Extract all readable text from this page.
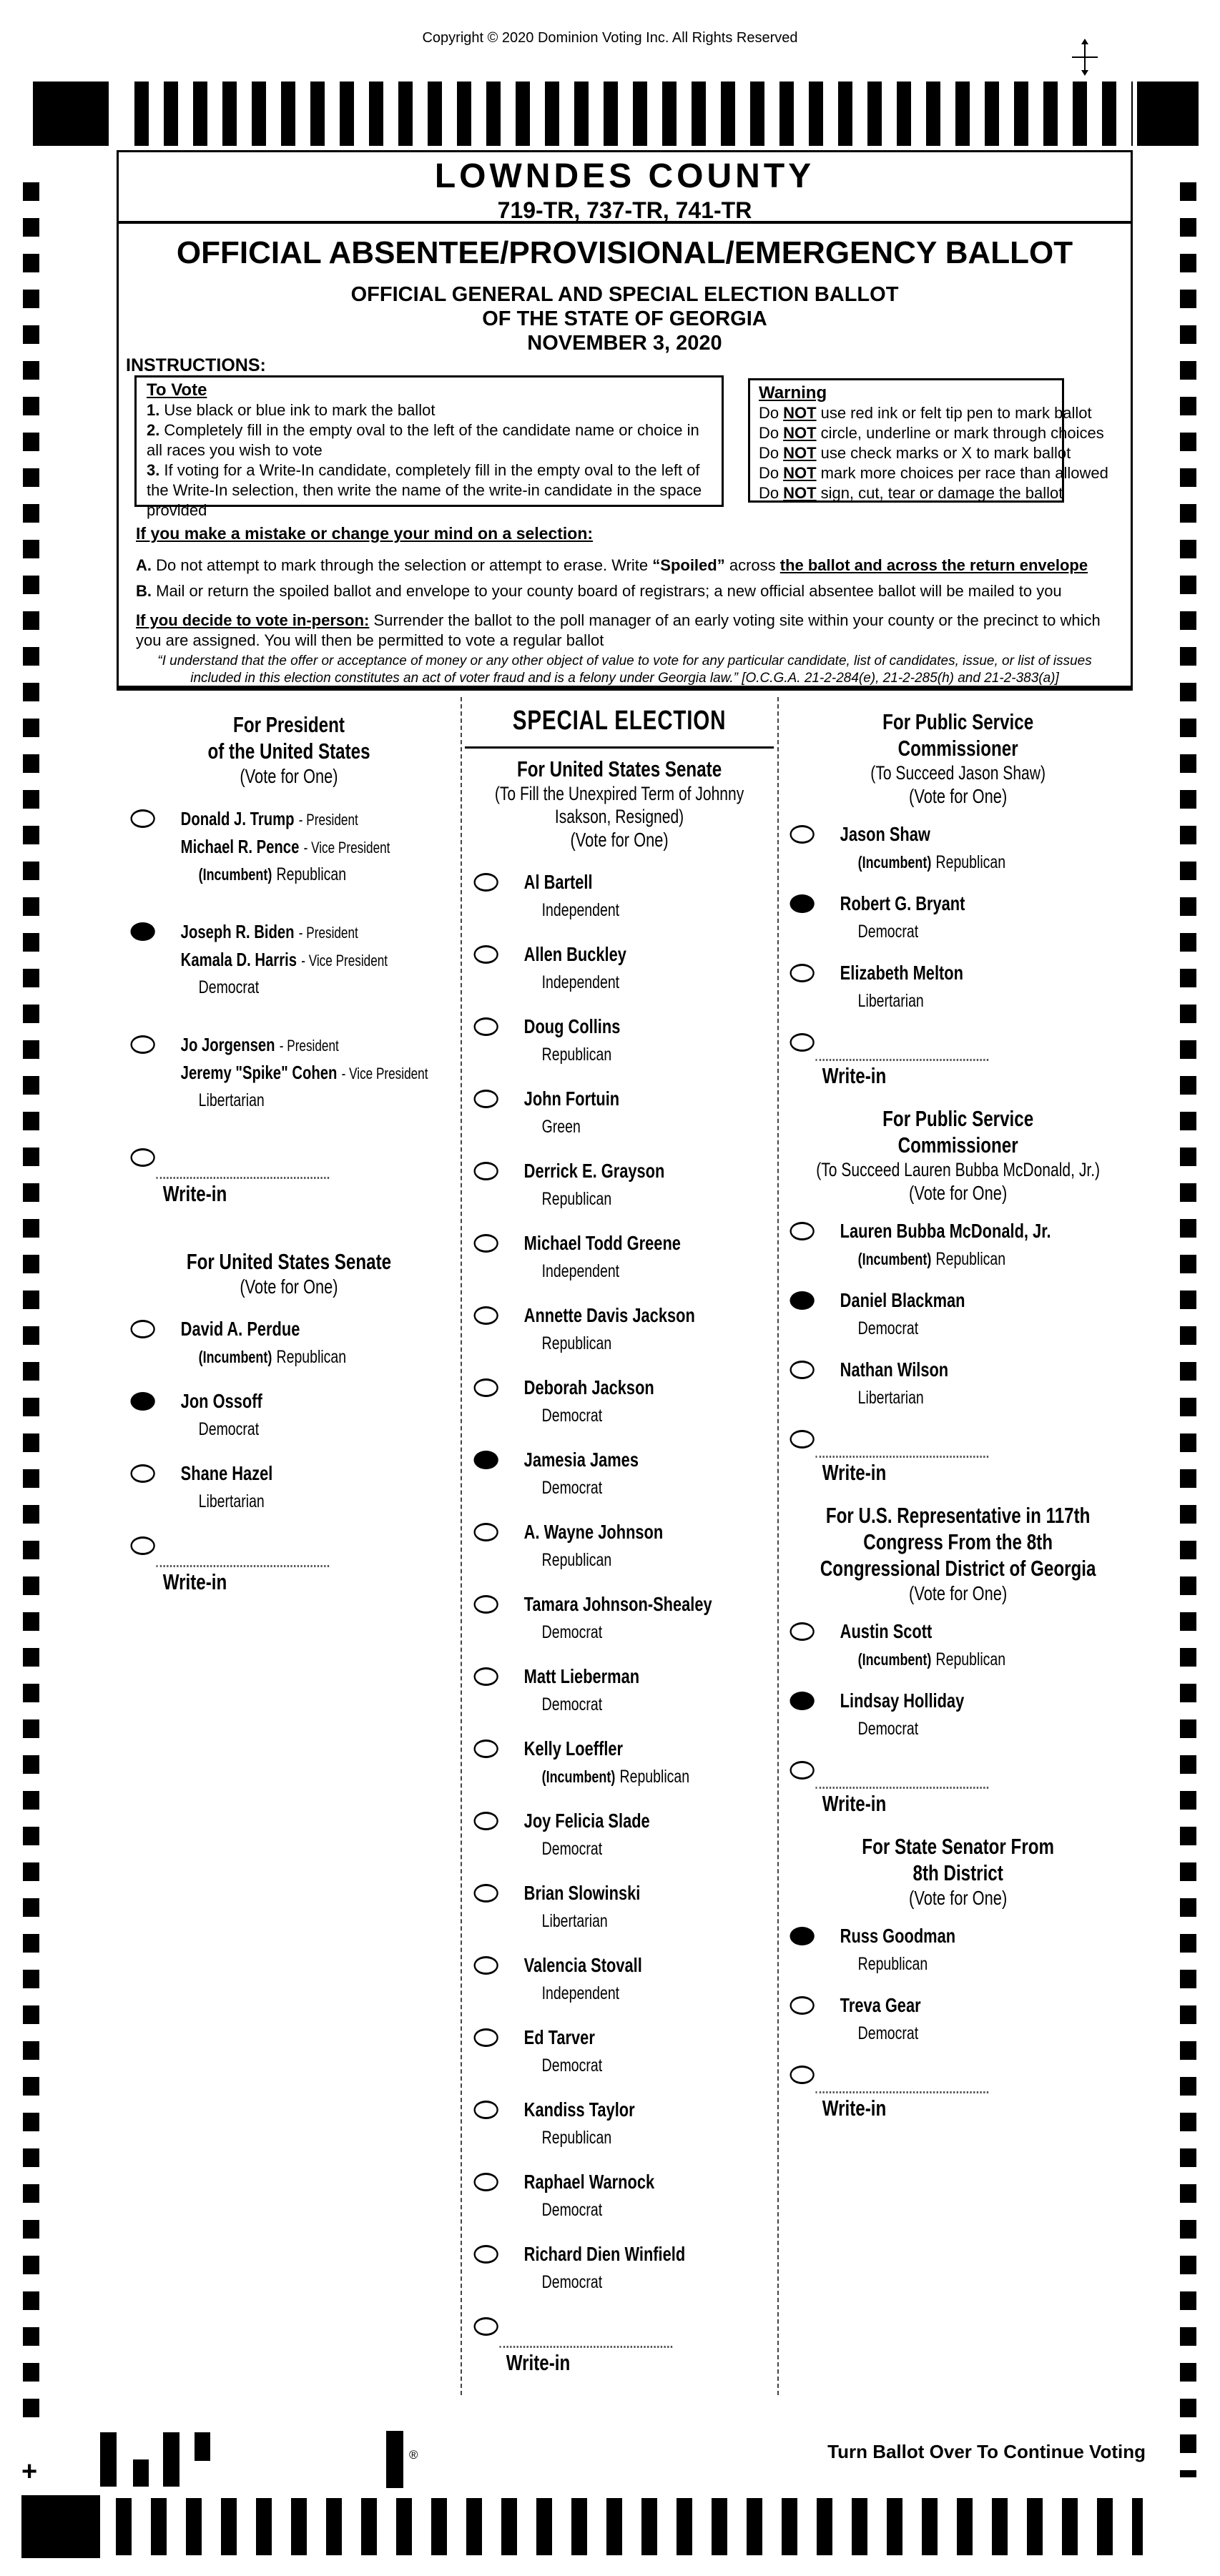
Copyright © 2020 Dominion Voting Inc. All Rights Reserved
LOWNDES COUNTY
719-TR, 737-TR, 741-TR
OFFICIAL ABSENTEE/PROVISIONAL/EMERGENCY BALLOT
OFFICIAL GENERAL AND SPECIAL ELECTION BALLOT
OF THE STATE OF GEORGIA
NOVEMBER 3, 2020
INSTRUCTIONS:
To Vote
1. Use black or blue ink to mark the ballot
2. Completely fill in the empty oval to the left of the candidate name or choice in all races you wish to vote
3. If voting for a Write-In candidate, completely fill in the empty oval to the left of the Write-In selection, then write the name of the write-in candidate in the space provided
Warning
Do NOT use red ink or felt tip pen to mark ballot
Do NOT circle, underline or mark through choices
Do NOT use check marks or X to mark ballot
Do NOT mark more choices per race than allowed
Do NOT sign, cut, tear or damage the ballot
If you make a mistake or change your mind on a selection:
A. Do not attempt to mark through the selection or attempt to erase. Write “Spoiled” across the ballot and across the return envelope
B. Mail or return the spoiled ballot and envelope to your county board of registrars; a new official absentee ballot will be mailed to you
If you decide to vote in-person: Surrender the ballot to the poll manager of an early voting site within your county or the precinct to which you are assigned. You will then be permitted to vote a regular ballot
“I understand that the offer or acceptance of money or any other object of value to vote for any particular candidate, list of candidates, issue, or list of issues included in this election constitutes an act of voter fraud and is a felony under Georgia law.” [O.C.G.A. 21-2-284(e), 21-2-285(h) and 21-2-383(a)]
For President
of the United States
(Vote for One)
Donald J. Trump - President
Michael R. Pence - Vice President
(Incumbent) Republican
Joseph R. Biden - President
Kamala D. Harris - Vice President
Democrat
Jo Jorgensen - President
Jeremy "Spike" Cohen - Vice President
Libertarian
Write-in
For United States Senate
(Vote for One)
David A. Perdue
(Incumbent) Republican
Jon Ossoff
Democrat
Shane Hazel
Libertarian
Write-in
SPECIAL ELECTION
For United States Senate
(To Fill the Unexpired Term of Johnny
Isakson, Resigned)
(Vote for One)
Al Bartell
Independent
Allen Buckley
Independent
Doug Collins
Republican
John Fortuin
Green
Derrick E. Grayson
Republican
Michael Todd Greene
Independent
Annette Davis Jackson
Republican
Deborah Jackson
Democrat
Jamesia James
Democrat
A. Wayne Johnson
Republican
Tamara Johnson-Shealey
Democrat
Matt Lieberman
Democrat
Kelly Loeffler
(Incumbent) Republican
Joy Felicia Slade
Democrat
Brian Slowinski
Libertarian
Valencia Stovall
Independent
Ed Tarver
Democrat
Kandiss Taylor
Republican
Raphael Warnock
Democrat
Richard Dien Winfield
Democrat
Write-in
For Public Service
Commissioner
(To Succeed Jason Shaw)
(Vote for One)
Jason Shaw
(Incumbent) Republican
Robert G. Bryant
Democrat
Elizabeth Melton
Libertarian
Write-in
For Public Service
Commissioner
(To Succeed Lauren Bubba McDonald, Jr.)
(Vote for One)
Lauren Bubba McDonald, Jr.
(Incumbent) Republican
Daniel Blackman
Democrat
Nathan Wilson
Libertarian
Write-in
For U.S. Representative in 117th
Congress From the 8th
Congressional District of Georgia
(Vote for One)
Austin Scott
(Incumbent) Republican
Lindsay Holliday
Democrat
Write-in
For State Senator From
8th District
(Vote for One)
Russ Goodman
Republican
Treva Gear
Democrat
Write-in
®
+
Turn Ballot Over To Continue Voting
